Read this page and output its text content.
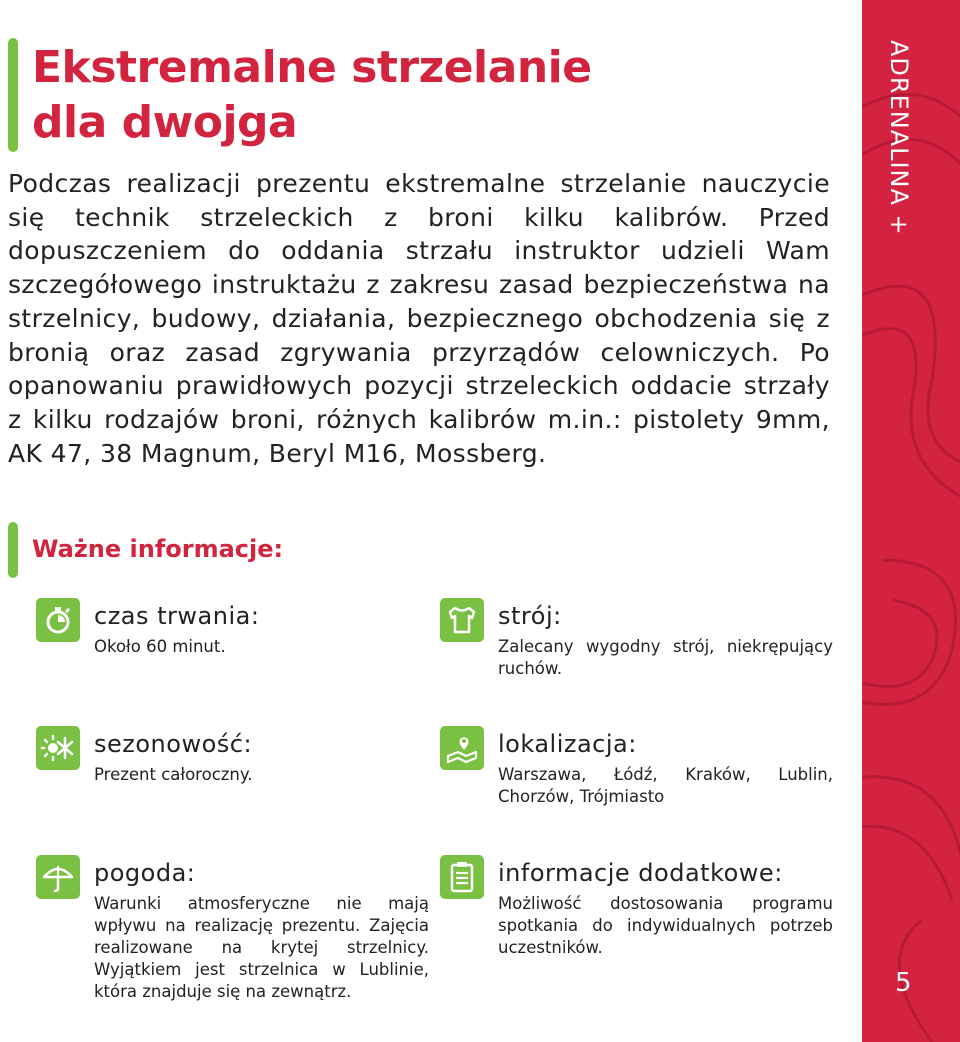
Ekstremalne strzelanie
dla dwojga

Podczas realizacji prezentu ekstremalne strzelanie nauczycie się technik strzeleckich z broni kilku kalibrów. Przed dopuszczeniem do oddania strzału instruktor udzieli Wam szczegółowego instruktażu z zakresu zasad bezpieczeństwa na strzelnicy, budowy, działania, bezpiecznego obchodzenia się z bronią oraz zasad zgrywania przyrządów celowniczych. Po opanowaniu prawidłowych pozycji strzeleckich oddacie strzały z kilku rodzajów broni, różnych kalibrów m.in.: pistolety 9mm, AK 47, 38 Magnum, Beryl M16, Mossberg.

Ważne informacje:
czas trwania:
Około 60 minut.
strój:
Zalecany wygodny strój, niekrępujący ruchów.
sezonowość:
Prezent całoroczny.
lokalizacja:
Warszawa, Łódź, Kraków, Lublin, Chorzów, Trójmiasto
pogoda:
Warunki atmosferyczne nie mają wpływu na realizację prezentu. Zajęcia realizowane na krytej strzelnicy. Wyjątkiem jest strzelnica w Lublinie, która znajduje się na zewnątrz.
informacje dodatkowe:
Możliwość dostosowania programu spotkania do indywidualnych potrzeb uczestników.
ADRENALINA +
5
